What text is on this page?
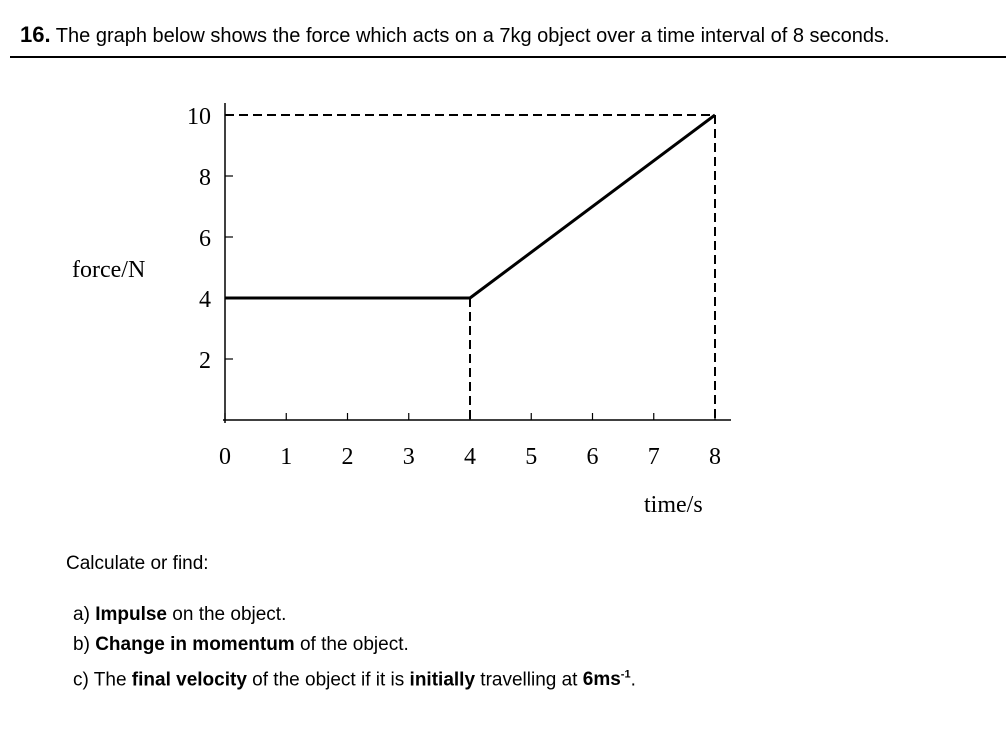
16. The graph below shows the force which acts on a 7kg object over a time interval of 8 seconds.
2
4
6
8
10
0 1 2 3 4 5 6 7 8
force/N
time/s
Calculate or find:
a) Impulse on the object.
b) Change in momentum of the object.
c) The final velocity of the object if it is initially travelling at $6ms^{-1}$.
